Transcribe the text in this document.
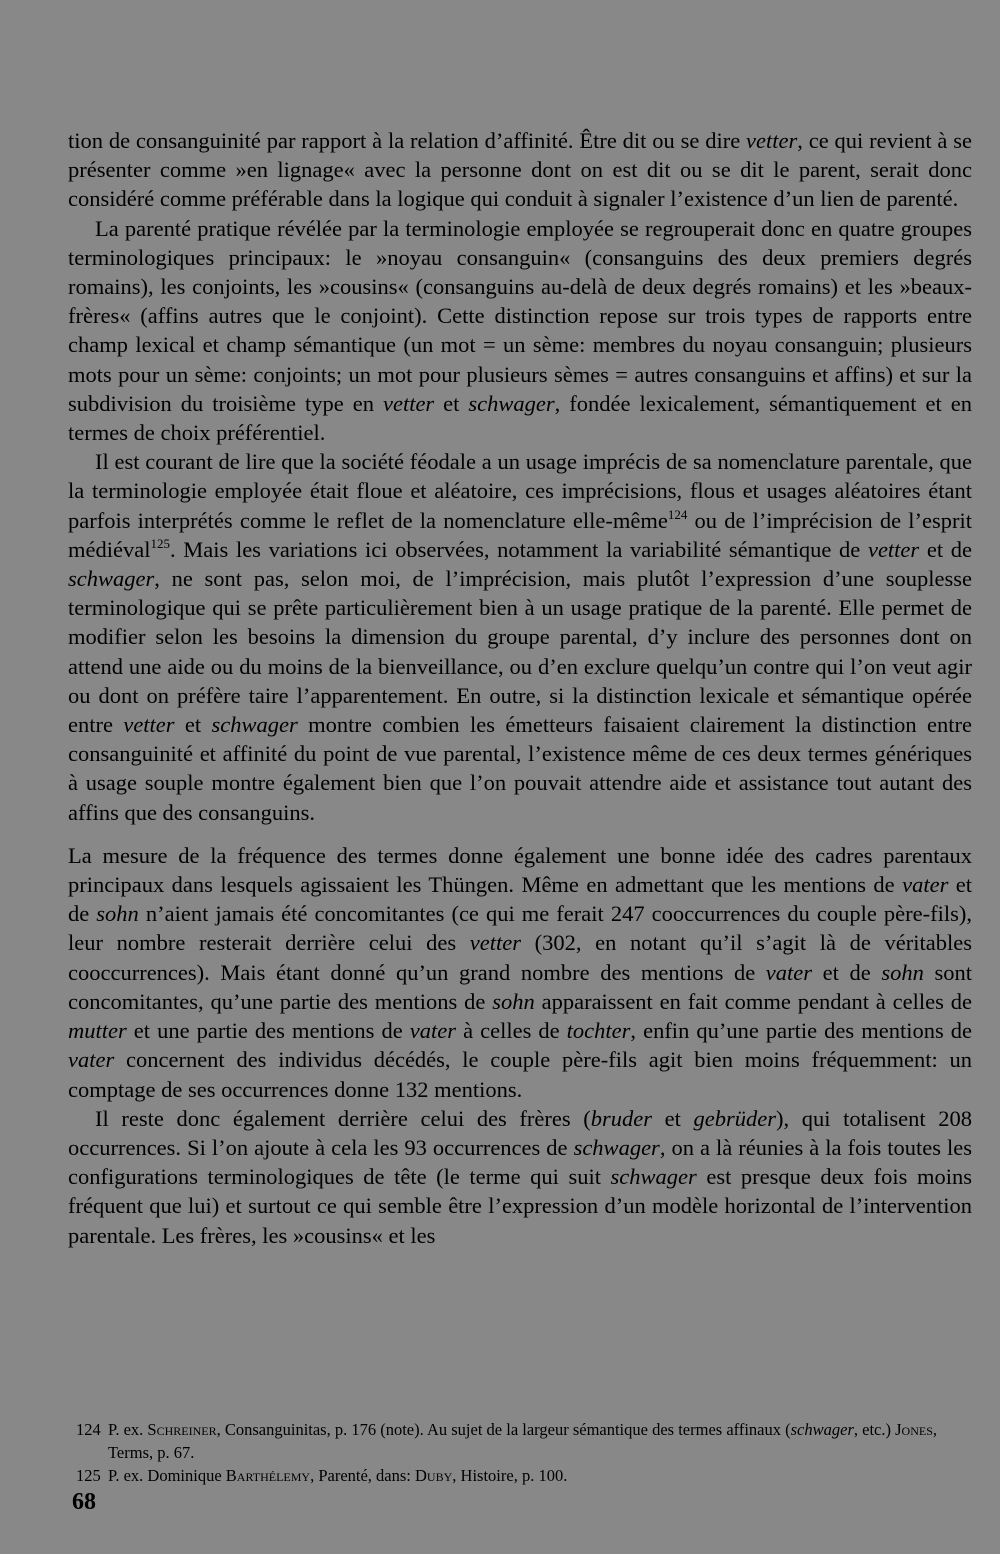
tion de consanguinité par rapport à la relation d’affinité. Être dit ou se dire vetter, ce qui revient à se présenter comme »en lignage« avec la personne dont on est dit ou se dit le parent, serait donc considéré comme préférable dans la logique qui conduit à signaler l’existence d’un lien de parenté.

La parenté pratique révélée par la terminologie employée se regrouperait donc en quatre groupes terminologiques principaux: le »noyau consanguin« (consanguins des deux premiers degrés romains), les conjoints, les »cousins« (consanguins au-delà de deux degrés romains) et les »beaux-frères« (affins autres que le conjoint). Cette distinction repose sur trois types de rapports entre champ lexical et champ sémantique (un mot = un sème: membres du noyau consanguin; plusieurs mots pour un sème: conjoints; un mot pour plusieurs sèmes = autres consanguins et affins) et sur la subdivision du troisième type en vetter et schwager, fondée lexicalement, sémantiquement et en termes de choix préférentiel.

Il est courant de lire que la société féodale a un usage imprécis de sa nomenclature parentale, que la terminologie employée était floue et aléatoire, ces imprécisions, flous et usages aléatoires étant parfois interprétés comme le reflet de la nomenclature elle-même$^{124}$ ou de l’imprécision de l’esprit médiéval$^{125}$. Mais les variations ici observées, notamment la variabilité sémantique de vetter et de schwager, ne sont pas, selon moi, de l’imprécision, mais plutôt l’expression d’une souplesse terminologique qui se prête particulièrement bien à un usage pratique de la parenté. Elle permet de modifier selon les besoins la dimension du groupe parental, d’y inclure des personnes dont on attend une aide ou du moins de la bienveillance, ou d’en exclure quelqu’un contre qui l’on veut agir ou dont on préfère taire l’apparentement. En outre, si la distinction lexicale et sémantique opérée entre vetter et schwager montre combien les émetteurs faisaient clairement la distinction entre consanguinité et affinité du point de vue parental, l’existence même de ces deux termes génériques à usage souple montre également bien que l’on pouvait attendre aide et assistance tout autant des affins que des consanguins.

La mesure de la fréquence des termes donne également une bonne idée des cadres parentaux principaux dans lesquels agissaient les Thüngen. Même en admettant que les mentions de vater et de sohn n’aient jamais été concomitantes (ce qui me ferait 247 cooccurrences du couple père-fils), leur nombre resterait derrière celui des vetter (302, en notant qu’il s’agit là de véritables cooccurrences). Mais étant donné qu’un grand nombre des mentions de vater et de sohn sont concomitantes, qu’une partie des mentions de sohn apparaissent en fait comme pendant à celles de mutter et une partie des mentions de vater à celles de tochter, enfin qu’une partie des mentions de vater concernent des individus décédés, le couple père-fils agit bien moins fréquemment: un comptage de ses occurrences donne 132 mentions.

Il reste donc également derrière celui des frères (bruder et gebrüder), qui totalisent 208 occurrences. Si l’on ajoute à cela les 93 occurrences de schwager, on a là réunies à la fois toutes les configurations terminologiques de tête (le terme qui suit schwager est presque deux fois moins fréquent que lui) et surtout ce qui semble être l’expression d’un modèle horizontal de l’intervention parentale. Les frères, les »cousins« et les

124 P. ex. Schreiner, Consanguinitas, p. 176 (note). Au sujet de la largeur sémantique des termes affinaux (schwager, etc.) Jones, Terms, p. 67.

125 P. ex. Dominique Barthélemy, Parenté, dans: Duby, Histoire, p. 100.

68
